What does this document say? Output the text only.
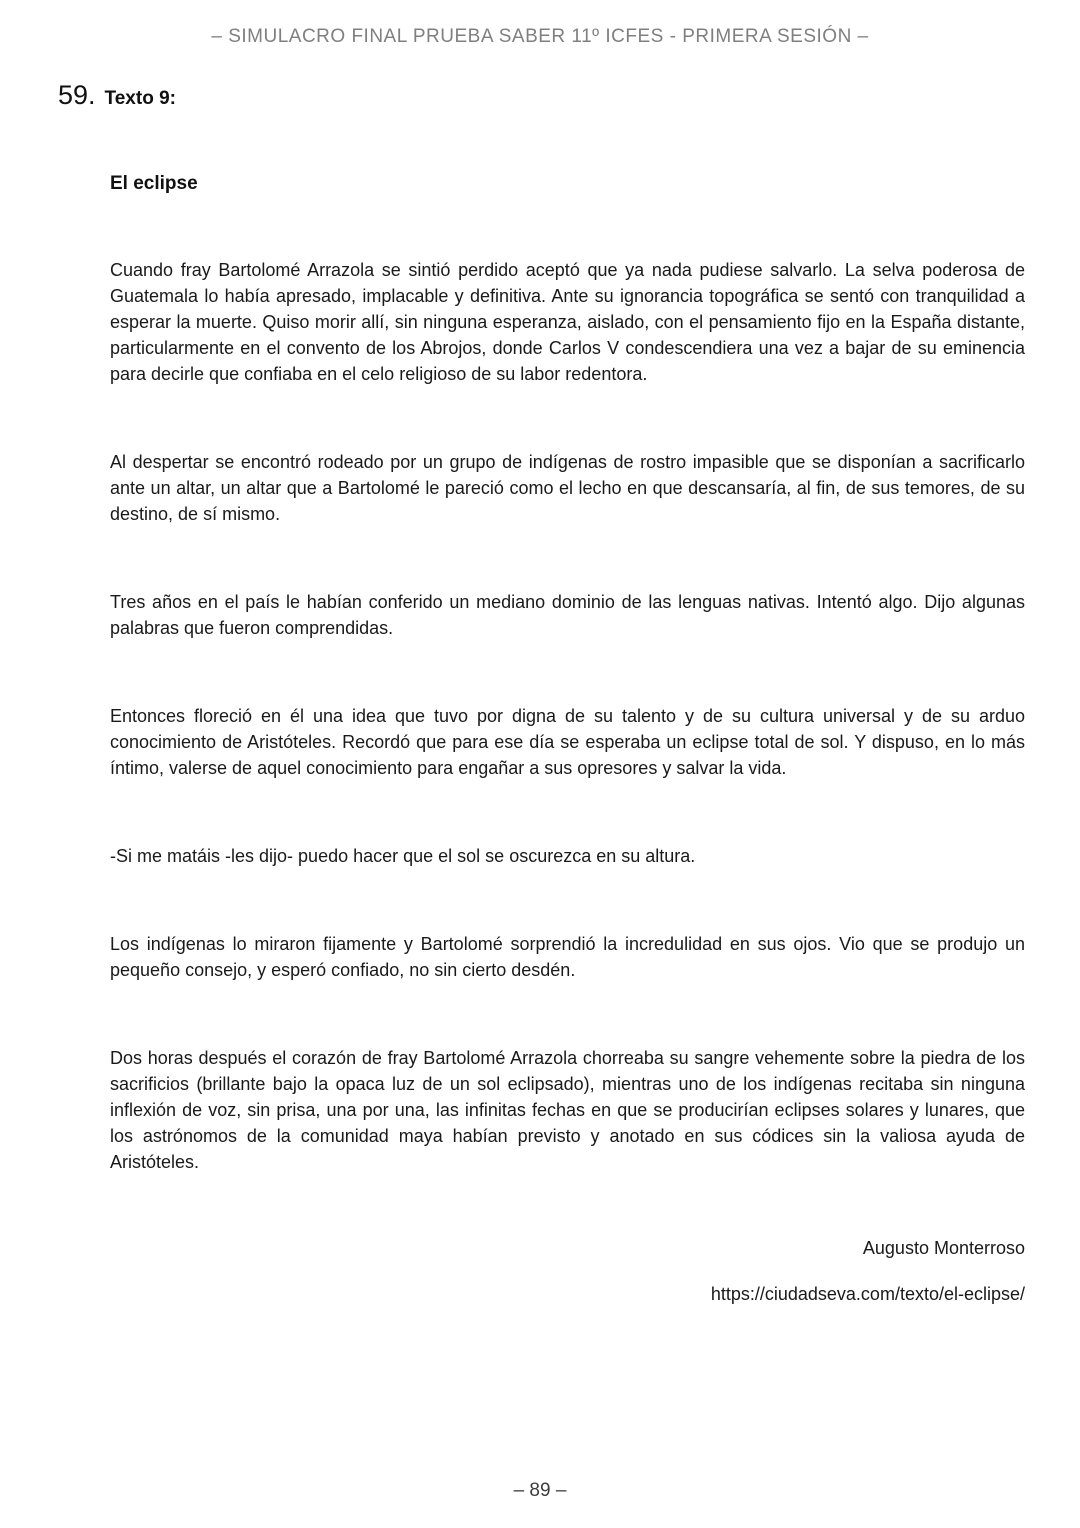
– SIMULACRO FINAL PRUEBA SABER 11º ICFES - PRIMERA SESIÓN –
59. Texto 9:
El eclipse

Cuando fray Bartolomé Arrazola se sintió perdido aceptó que ya nada pudiese salvarlo. La selva poderosa de Guatemala lo había apresado, implacable y definitiva. Ante su ignorancia topográfica se sentó con tranquilidad a esperar la muerte. Quiso morir allí, sin ninguna esperanza, aislado, con el pensamiento fijo en la España distante, particularmente en el convento de los Abrojos, donde Carlos V condescendiera una vez a bajar de su eminencia para decirle que confiaba en el celo religioso de su labor redentora.

Al despertar se encontró rodeado por un grupo de indígenas de rostro impasible que se disponían a sacrificarlo ante un altar, un altar que a Bartolomé le pareció como el lecho en que descansaría, al fin, de sus temores, de su destino, de sí mismo.

Tres años en el país le habían conferido un mediano dominio de las lenguas nativas. Intentó algo. Dijo algunas palabras que fueron comprendidas.

Entonces floreció en él una idea que tuvo por digna de su talento y de su cultura universal y de su arduo conocimiento de Aristóteles. Recordó que para ese día se esperaba un eclipse total de sol. Y dispuso, en lo más íntimo, valerse de aquel conocimiento para engañar a sus opresores y salvar la vida.

-Si me matáis -les dijo- puedo hacer que el sol se oscurezca en su altura.

Los indígenas lo miraron fijamente y Bartolomé sorprendió la incredulidad en sus ojos. Vio que se produjo un pequeño consejo, y esperó confiado, no sin cierto desdén.

Dos horas después el corazón de fray Bartolomé Arrazola chorreaba su sangre vehemente sobre la piedra de los sacrificios (brillante bajo la opaca luz de un sol eclipsado), mientras uno de los indígenas recitaba sin ninguna inflexión de voz, sin prisa, una por una, las infinitas fechas en que se producirían eclipses solares y lunares, que los astrónomos de la comunidad maya habían previsto y anotado en sus códices sin la valiosa ayuda de Aristóteles.

Augusto Monterroso
https://ciudadseva.com/texto/el-eclipse/
– 89 –
